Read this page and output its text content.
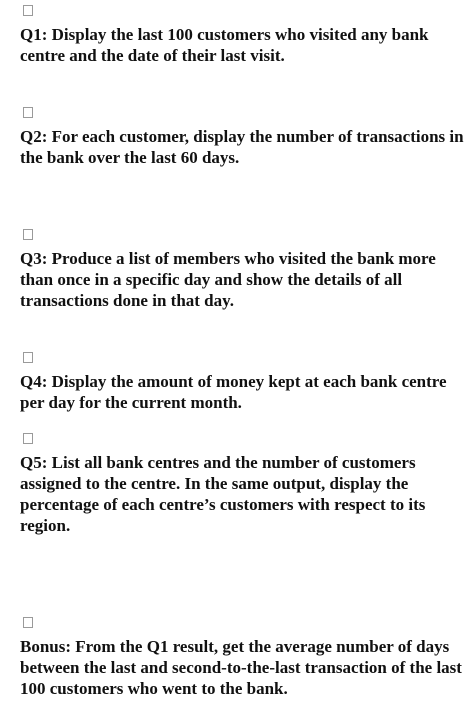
Q1: Display the last 100 customers who visited any bank centre and the date of their last visit.

Q2: For each customer, display the number of transactions in the bank over the last 60 days.

Q3: Produce a list of members who visited the bank more than once in a specific day and show the details of all transactions done in that day.

Q4: Display the amount of money kept at each bank centre per day for the current month.

Q5: List all bank centres and the number of customers assigned to the centre. In the same output, display the percentage of each centre’s customers with respect to its region.

Bonus: From the Q1 result, get the average number of days between the last and second-to-the-last transaction of the last 100 customers who went to the bank.
